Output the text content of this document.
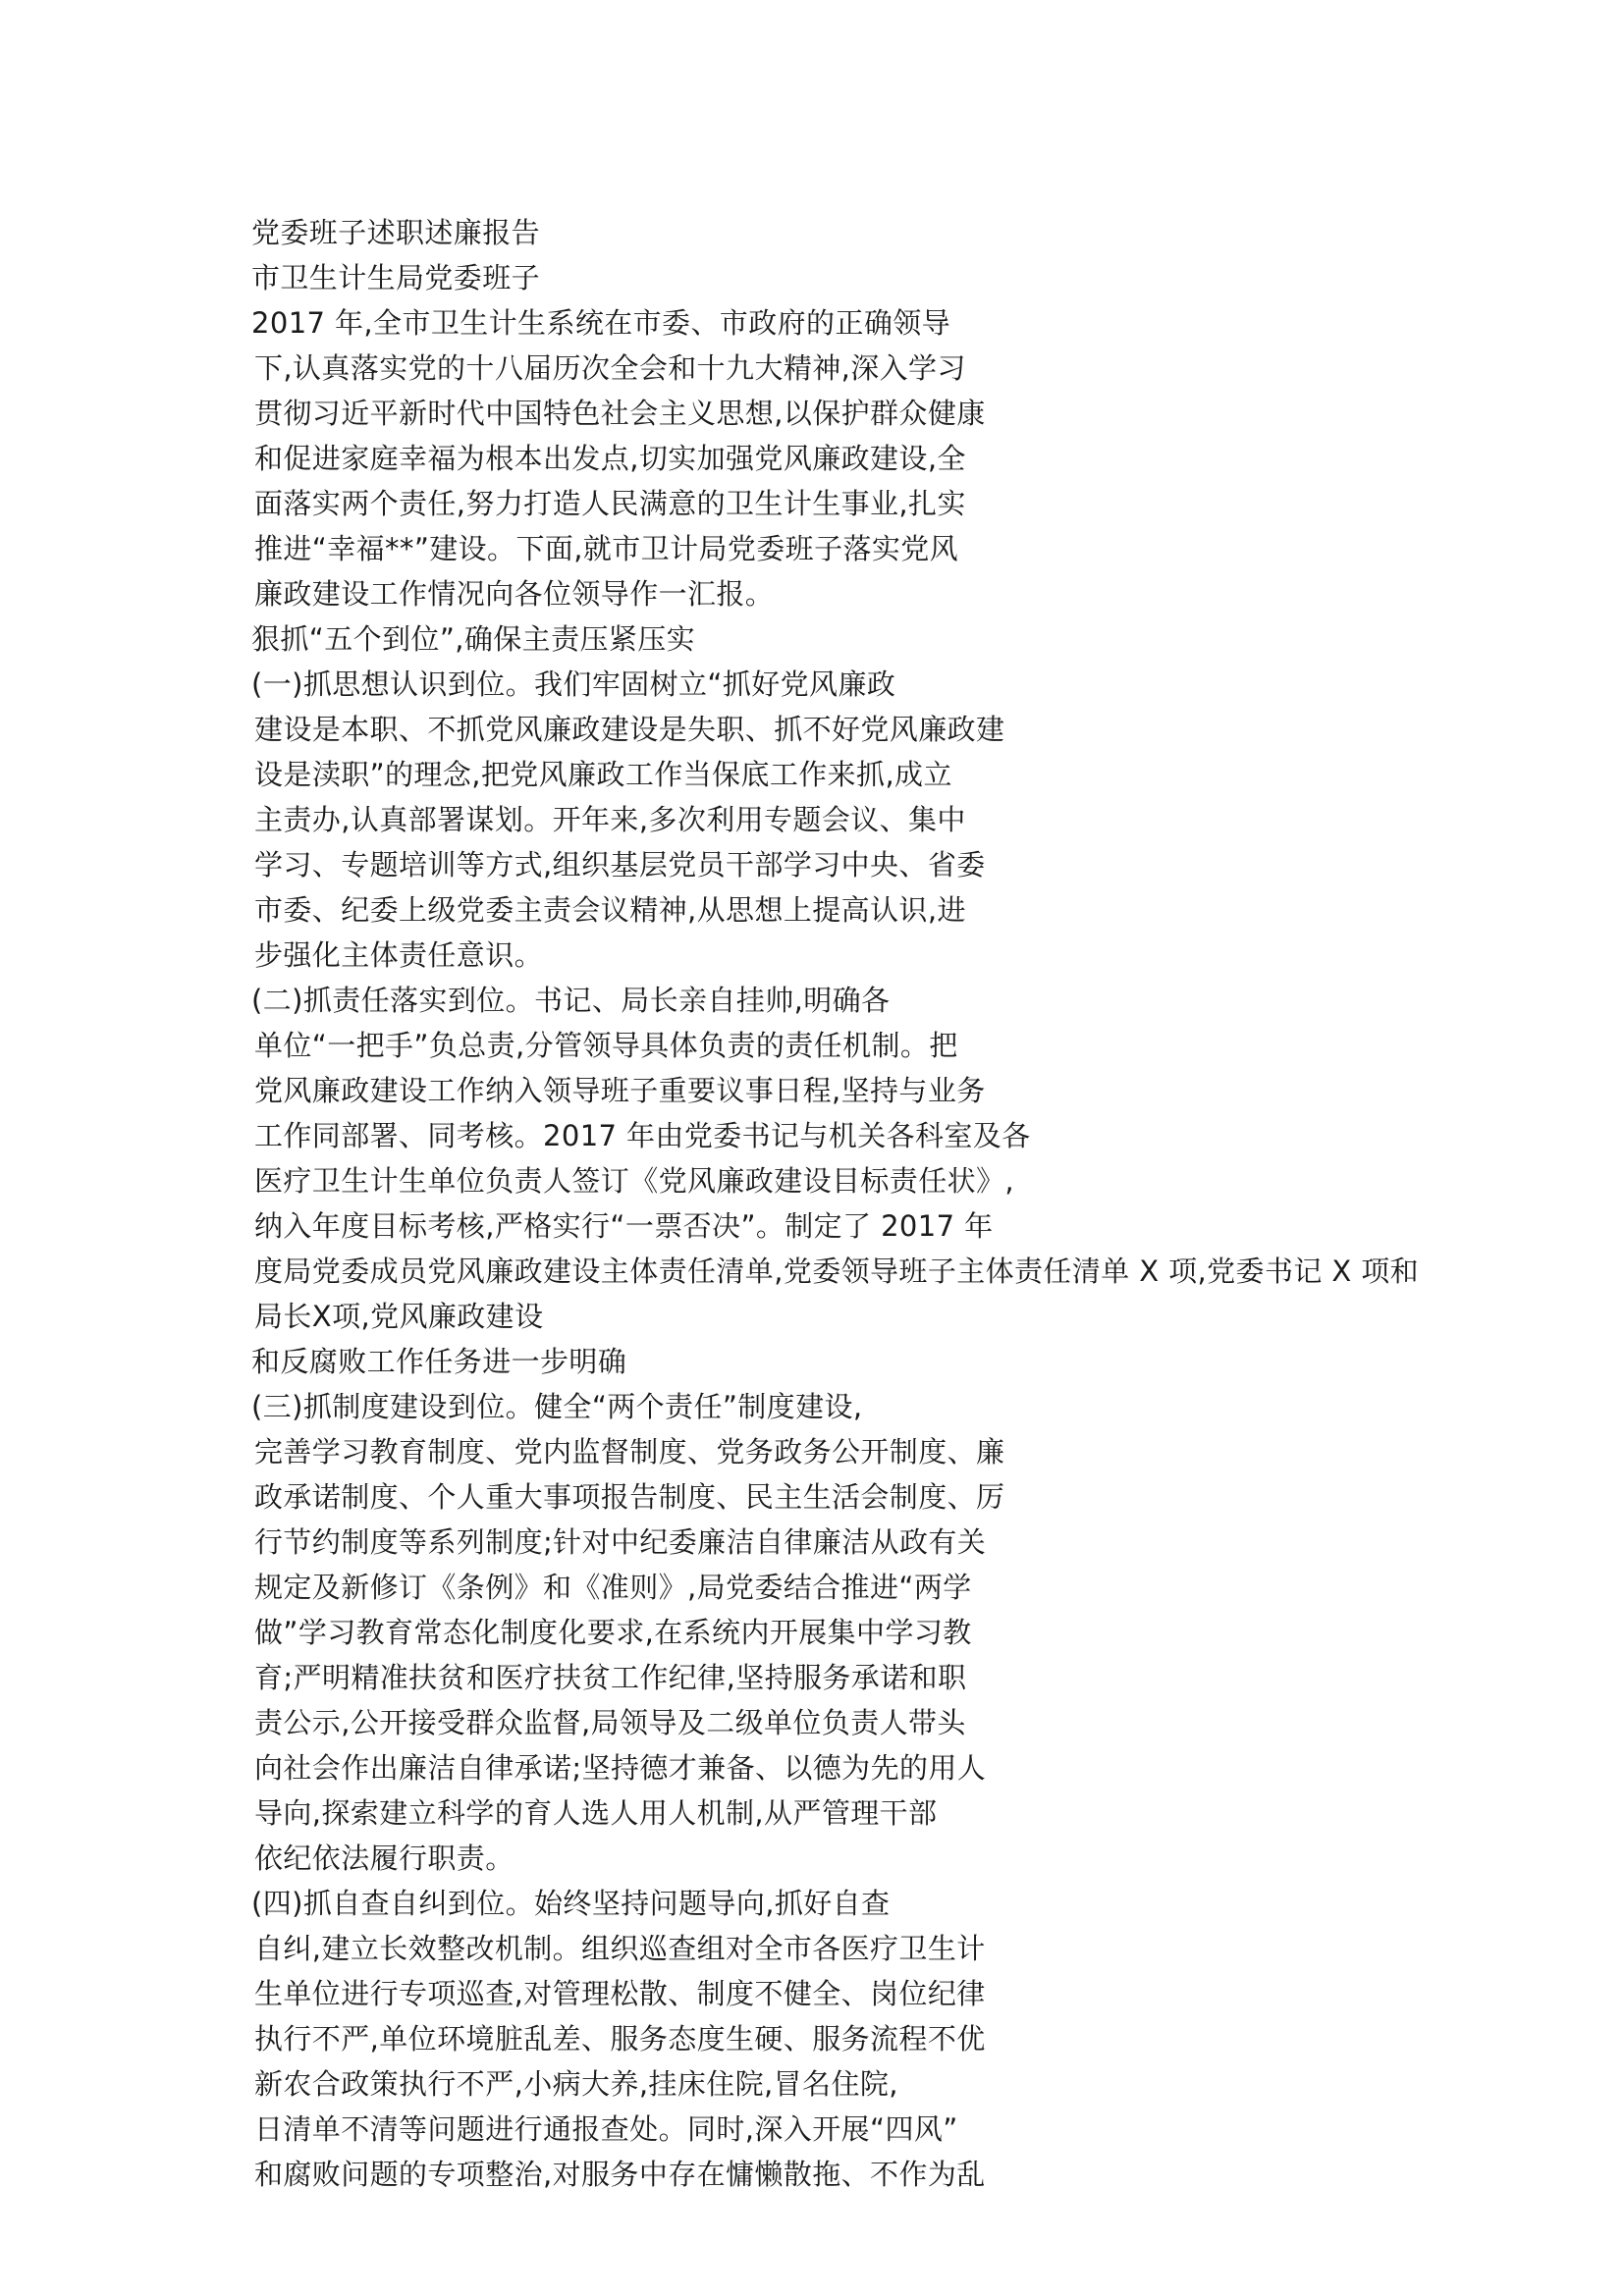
党委班子述职述廉报告
市卫生计生局党委班子
2017 年,全市卫生计生系统在市委、市政府的正确领导
下,认真落实党的十八届历次全会和十九大精神,深入学习
贯彻习近平新时代中国特色社会主义思想,以保护群众健康
和促进家庭幸福为根本出发点,切实加强党风廉政建设,全
面落实两个责任,努力打造人民满意的卫生计生事业,扎实
推进“幸福**”建设。下面,就市卫计局党委班子落实党风
廉政建设工作情况向各位领导作一汇报。
狠抓“五个到位”,确保主责压紧压实
(一)抓思想认识到位。我们牢固树立“抓好党风廉政
建设是本职、不抓党风廉政建设是失职、抓不好党风廉政建
设是渎职”的理念,把党风廉政工作当保底工作来抓,成立
主责办,认真部署谋划。开年来,多次利用专题会议、集中
学习、专题培训等方式,组织基层党员干部学习中央、省委
市委、纪委上级党委主责会议精神,从思想上提高认识,进
步强化主体责任意识。
(二)抓责任落实到位。书记、局长亲自挂帅,明确各
单位“一把手”负总责,分管领导具体负责的责任机制。把
党风廉政建设工作纳入领导班子重要议事日程,坚持与业务
工作同部署、同考核。2017 年由党委书记与机关各科室及各
医疗卫生计生单位负责人签订《党风廉政建设目标责任状》,
纳入年度目标考核,严格实行“一票否决”。制定了 2017 年
度局党委成员党风廉政建设主体责任清单,党委领导班子主体责任清单 X 项,党委书记 X 项和
局长Ⅹ项,党风廉政建设
和反腐败工作任务进一步明确
(三)抓制度建设到位。健全“两个责任”制度建设,
完善学习教育制度、党内监督制度、党务政务公开制度、廉
政承诺制度、个人重大事项报告制度、民主生活会制度、厉
行节约制度等系列制度;针对中纪委廉洁自律廉洁从政有关
规定及新修订《条例》和《准则》,局党委结合推进“两学
做”学习教育常态化制度化要求,在系统内开展集中学习教
育;严明精准扶贫和医疗扶贫工作纪律,坚持服务承诺和职
责公示,公开接受群众监督,局领导及二级单位负责人带头
向社会作出廉洁自律承诺;坚持德才兼备、以德为先的用人
导向,探索建立科学的育人选人用人机制,从严管理干部
依纪依法履行职责。
(四)抓自查自纠到位。始终坚持问题导向,抓好自查
自纠,建立长效整改机制。组织巡查组对全市各医疗卫生计
生单位进行专项巡查,对管理松散、制度不健全、岗位纪律
执行不严,单位环境脏乱差、服务态度生硬、服务流程不优
新农合政策执行不严,小病大养,挂床住院,冒名住院,
日清单不清等问题进行通报查处。同时,深入开展“四风”
和腐败问题的专项整治,对服务中存在慵懒散拖、不作为乱
